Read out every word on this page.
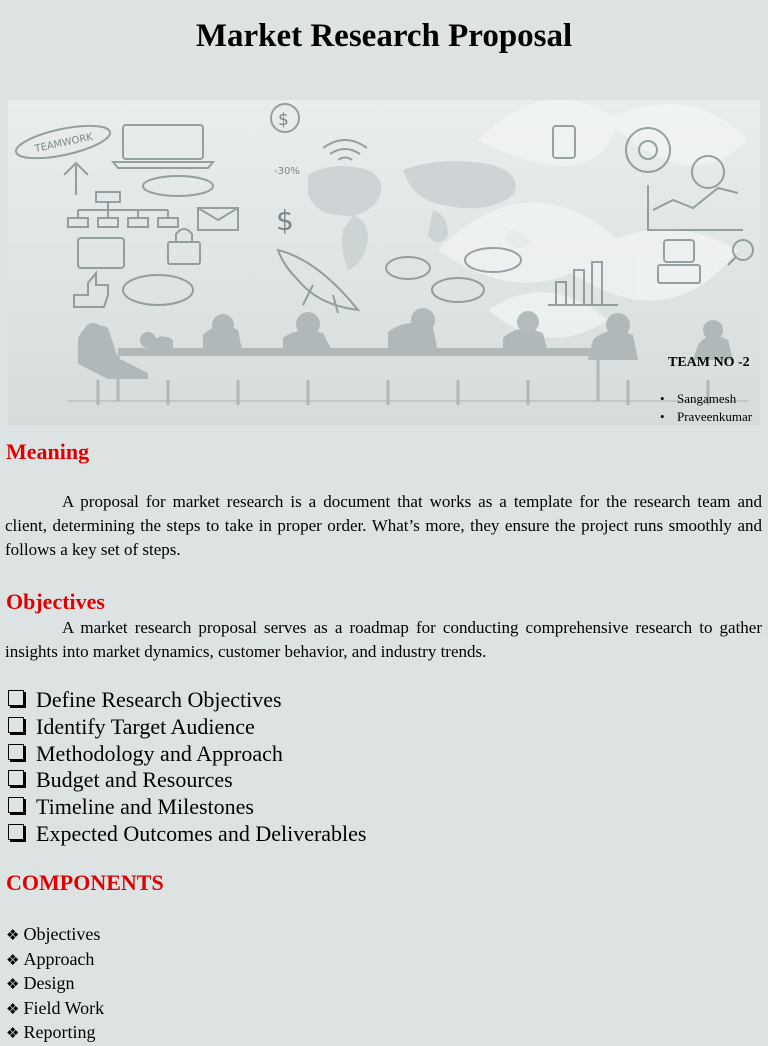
Market Research Proposal
TEAMWORK
-30%
$
$
TEAM NO -2
• Sangamesh
• Praveenkumar
Meaning

A proposal for market research is a document that works as a template for the research team and client, determining the steps to take in proper order. What’s more, they ensure the project runs smoothly and follows a key set of steps.

Objectives

A market research proposal serves as a roadmap for conducting comprehensive research to gather insights into market dynamics, customer behavior, and industry trends.

Define Research Objectives
Identify Target Audience
Methodology and Approach
Budget and Resources
Timeline and Milestones
Expected Outcomes and Deliverables
COMPONENTS
❖ Objectives
❖ Approach
❖ Design
❖ Field Work
❖ Reporting
